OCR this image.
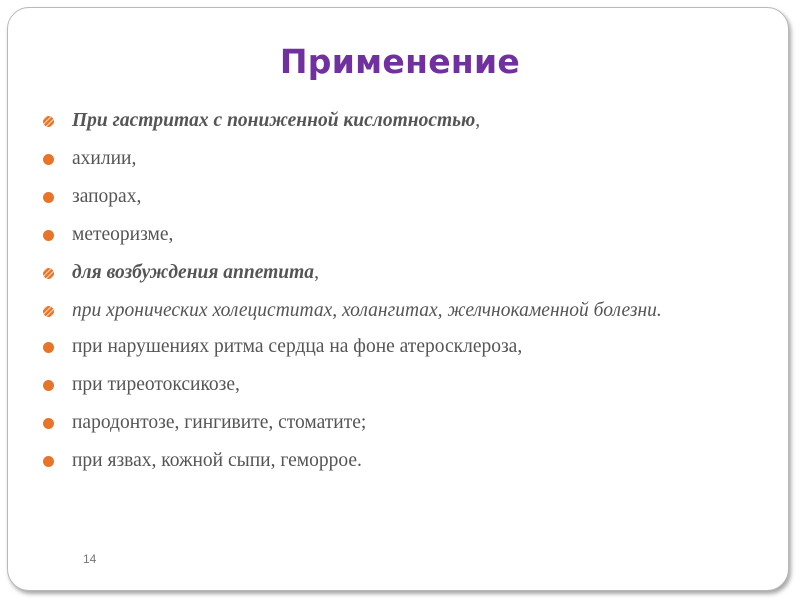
Применение
При гастритах с пониженной кислотностью,
ахилии,
запорах,
метеоризме,
для возбуждения аппетита,
при хронических холециститах, холангитах, желчнокаменной болезни.
при нарушениях ритма сердца на фоне атеросклероза,
при тиреотоксикозе,
пародонтозе, гингивите, стоматите;
при язвах, кожной сыпи, геморрое.
14
